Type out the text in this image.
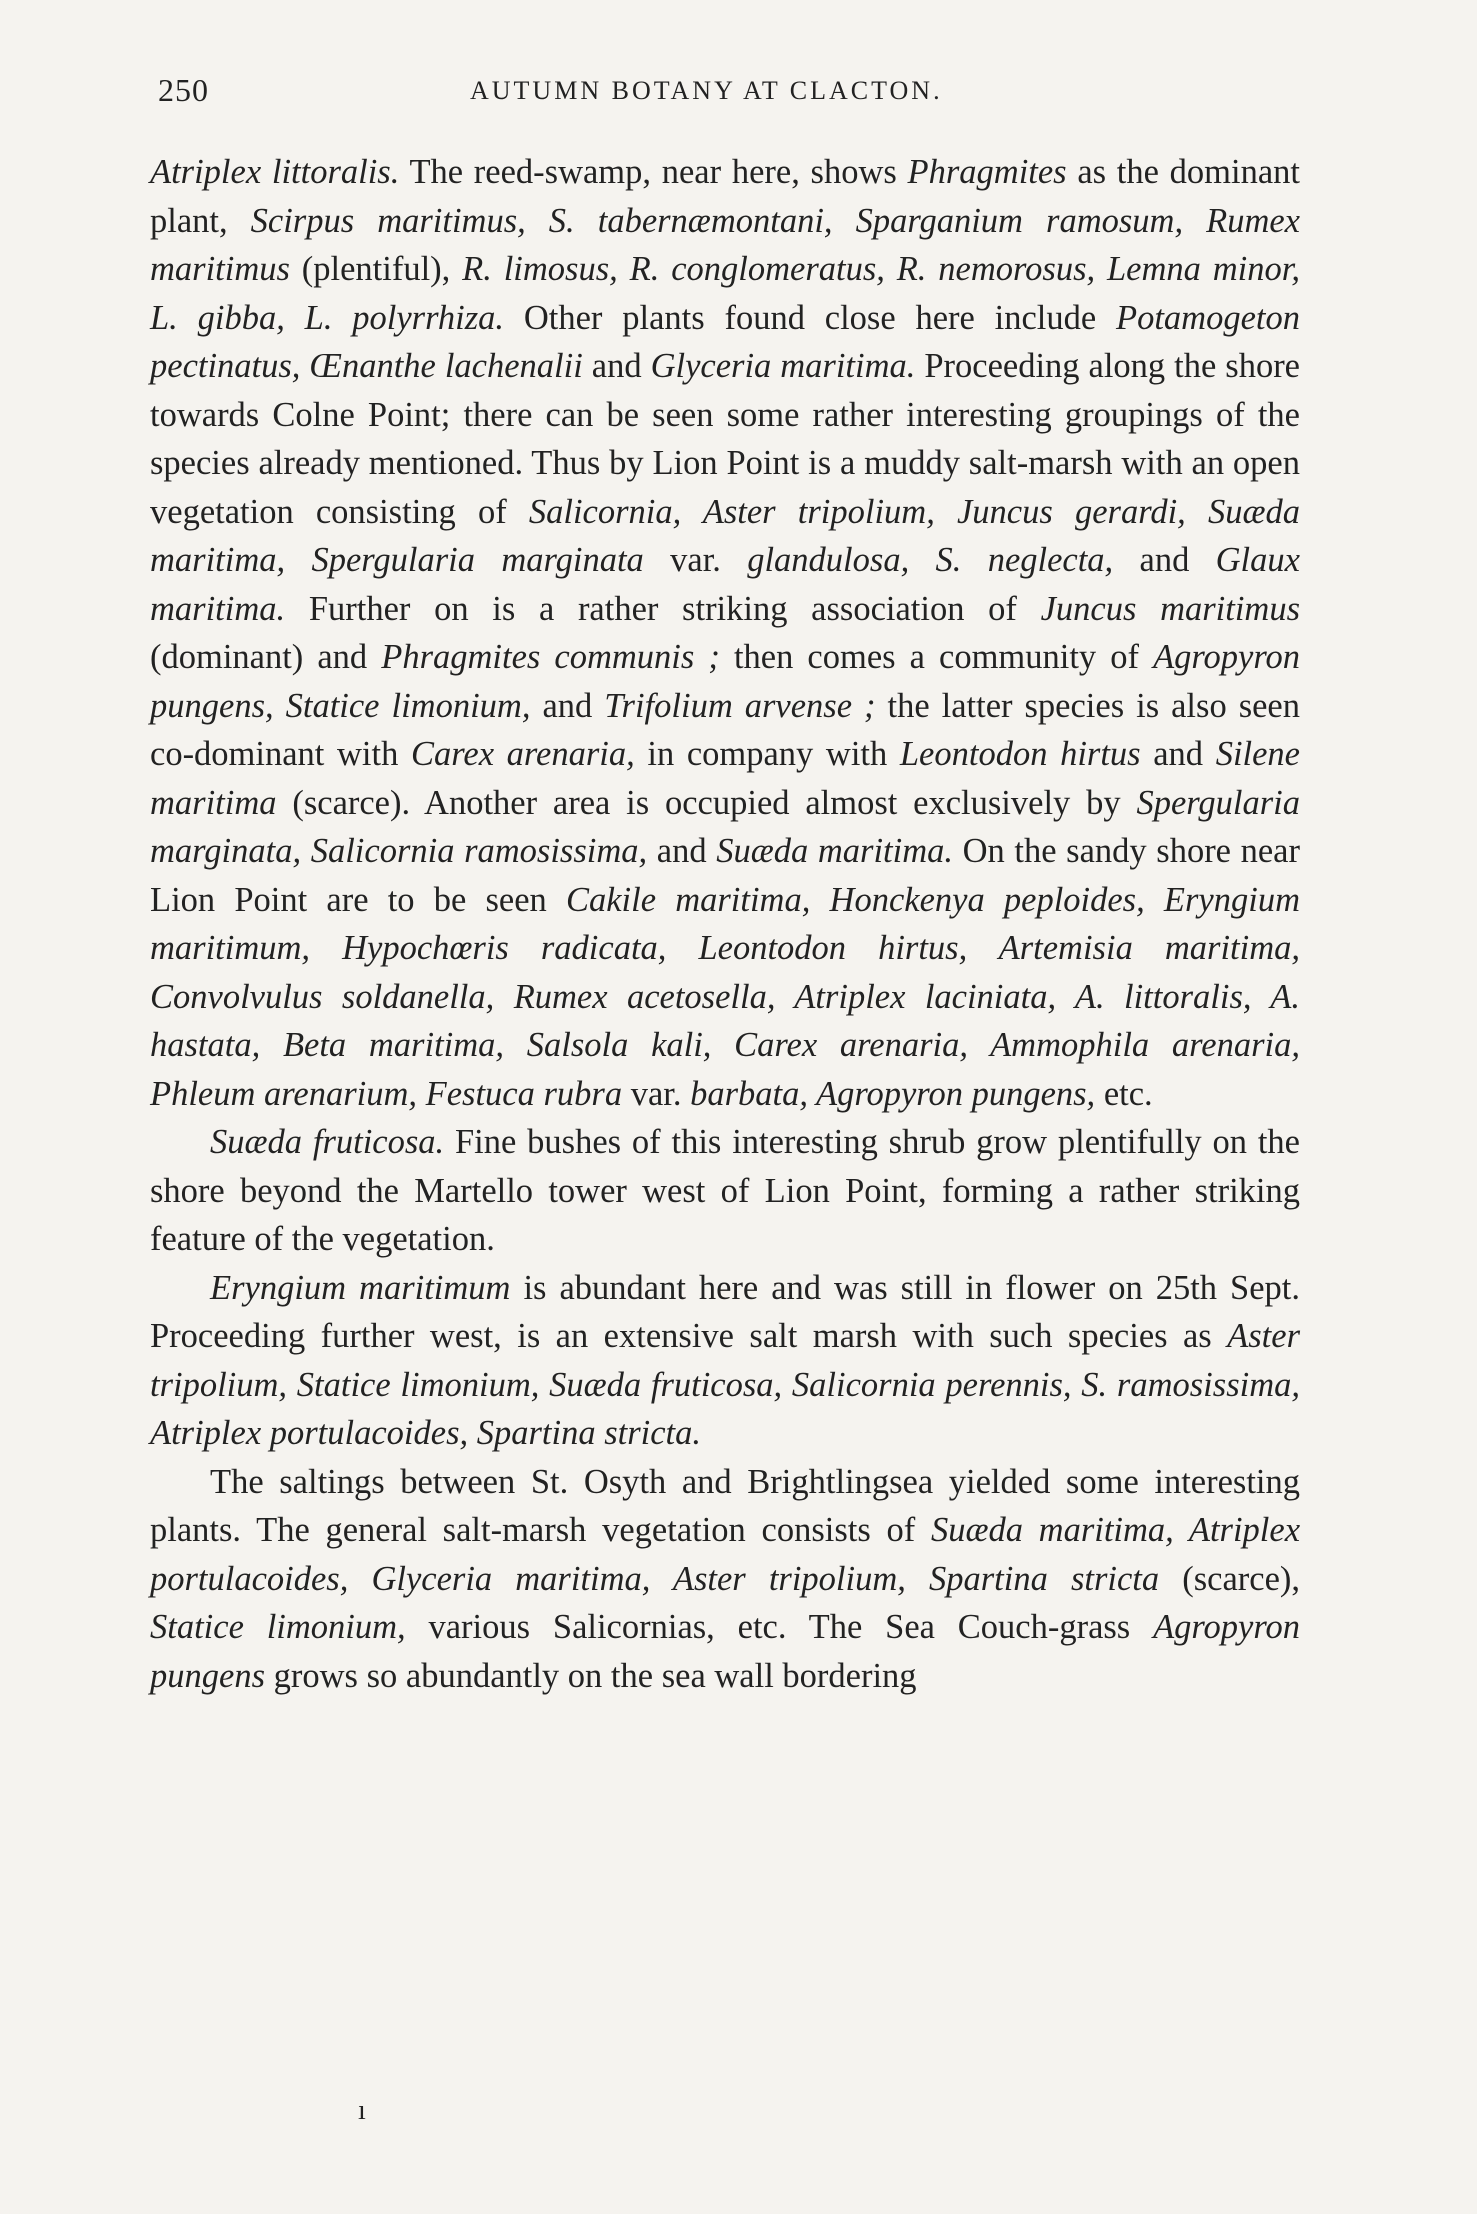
250	AUTUMN BOTANY AT CLACTON.

Atriplex littoralis. The reed-swamp, near here, shows Phragmites as the dominant plant, Scirpus maritimus, S. tabernæmontani, Sparganium ramosum, Rumex maritimus (plentiful), R. limosus, R. conglomeratus, R. nemorosus, Lemna minor, L. gibba, L. polyrrhiza. Other plants found close here include Potamogeton pectinatus, Œnanthe lachenalii and Glyceria maritima. Proceeding along the shore towards Colne Point; there can be seen some rather interesting groupings of the species already mentioned. Thus by Lion Point is a muddy salt-marsh with an open vegetation consisting of Salicornia, Aster tripolium, Juncus gerardi, Suæda maritima, Spergularia marginata var. glandulosa, S. neglecta, and Glaux maritima. Further on is a rather striking association of Juncus maritimus (dominant) and Phragmites communis ; then comes a community of Agropyron pungens, Statice limonium, and Trifolium arvense ; the latter species is also seen co-dominant with Carex arenaria, in company with Leontodon hirtus and Silene maritima (scarce). Another area is occupied almost exclusively by Spergularia marginata, Salicornia ramosissima, and Suæda maritima. On the sandy shore near Lion Point are to be seen Cakile maritima, Honckenya peploides, Eryngium maritimum, Hypochœris radicata, Leontodon hirtus, Artemisia maritima, Convolvulus soldanella, Rumex acetosella, Atriplex laciniata, A. littoralis, A. hastata, Beta maritima, Salsola kali, Carex arenaria, Ammophila arenaria, Phleum arenarium, Festuca rubra var. barbata, Agropyron pungens, etc.

Suæda fruticosa. Fine bushes of this interesting shrub grow plentifully on the shore beyond the Martello tower west of Lion Point, forming a rather striking feature of the vegetation.

Eryngium maritimum is abundant here and was still in flower on 25th Sept. Proceeding further west, is an extensive salt marsh with such species as Aster tripolium, Statice limonium, Suæda fruticosa, Salicornia perennis, S. ramosissima, Atriplex portulacoides, Spartina stricta.

The saltings between St. Osyth and Brightlingsea yielded some interesting plants. The general salt-marsh vegetation consists of Suæda maritima, Atriplex portulacoides, Glyceria maritima, Aster tripolium, Spartina stricta (scarce), Statice limonium, various Salicornias, etc. The Sea Couch-grass Agropyron pungens grows so abundantly on the sea wall bordering

ı
